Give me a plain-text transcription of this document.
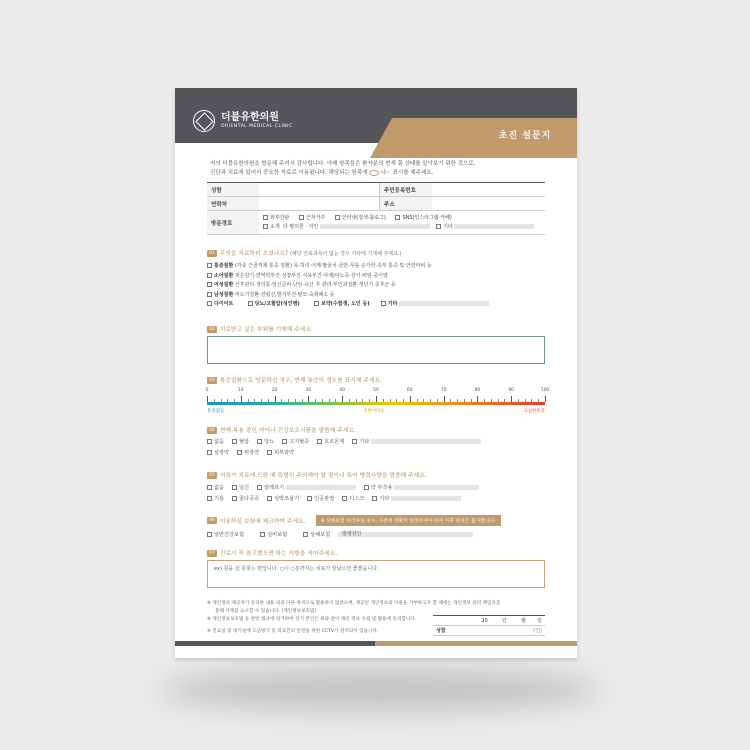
초진 설문지
더블유한의원
ORIENTAL MEDICAL CLINIC
저의 더블유한의원을 방문해 주셔서 감사합니다. 아래 항목들은 환자분의 현재 몸 상태를 알아보기 위한 것으로,
진단과 치료에 있어서 중요한 자료로 이용됩니다. 해당되는 항목에 ○ 나✓ 표시를 해주세요.
성함		주민등록번호	
연락처		주소	
방문경로	외부간판 근처거주 인터넷(검색·블로그) SNS(인스타그램·카페)
소개 타 병의원 · 지인 기타		
01 무엇을 치료하러 오셨나요? (해당 진료과목이 없는 경우 기타에 기재해 주세요.)
통증질환 (각종 근골격계 통증 질환) 목·허리·어깨·팔꿈치·골반·무릎·손가락·족부 통증 및 안면마비 등
소아질환 잦은감기·면역력부진·성장부진·식욕부진·야제/야뇨증·감기·비염·중이염
여성질환 산후관리·생리통·임신준비·난임·유산 후 관리·부인과질환·갱년기 증후군 등
남성질환 비뇨기질환·전립선,발기부전·탈모·숙취해소 등
다이어트	당뇨/고혈압(성인병)	보약(수험생, 노인 등)	기타
02 치료받고 싶은 부위를 기재해 주세요.
03 통증질환으로 방문하신 경우, 현재 통증의 정도를 표시해 주세요.
0	10	20	30	40	50	60	70	80	90	100
통증없음	생활어려운	극심한통증
04 현재 복용 중인 약이나 건강보조식품을 말씀해 주세요.
없음	혈압	당뇨	고지혈증	호르몬제	기타

심장약	위장약	피부과약
05 저희가 치료에 드릴 때 특별히 주의해야 할 점이나 특이 병력사항을 말씀해 주세요.
없음	임신	알레르기
	약 부작용

기흉	골다공증	심박조율기	인공관절	디스크	기타

06 이용하실 보험에 체크하여 주세요.	※ 상해보험 처리하실 경우, 사전에 정확히 알려주셔야 하며 차후 변경은 불가합니다.
일반건강보험	실비보험	상해보험	발병원인
07 진료시 꼭 참고했으면 하는 사항을 적어주세요.
ex) 침을 잘 못찾는 편입니다. ○시 ○분까지는 치료가 끝났으면 좋겠습니다.
※ 개인정보 제공자가 동의한 내용 외의 다른 목적으로 활용하지 않았으며, 제공된 개인정보의 이용을 거부하고자 할 때에는 개인정보 관리 책임자를
통해 삭제를 요구할 수 있습니다. [개인정보보호법]
※ 개인정보보호법 등 관련 법규에 의거하여 상기 본인은 위와 같이 개인 정보 수집 및 활용에 동의합니다.
※ 진료실 및 대기실에 도난방지 및 의료진의 안전을 위한 CCTV가 설치되어 있습니다.
20	년	월 일
성함	(인)
